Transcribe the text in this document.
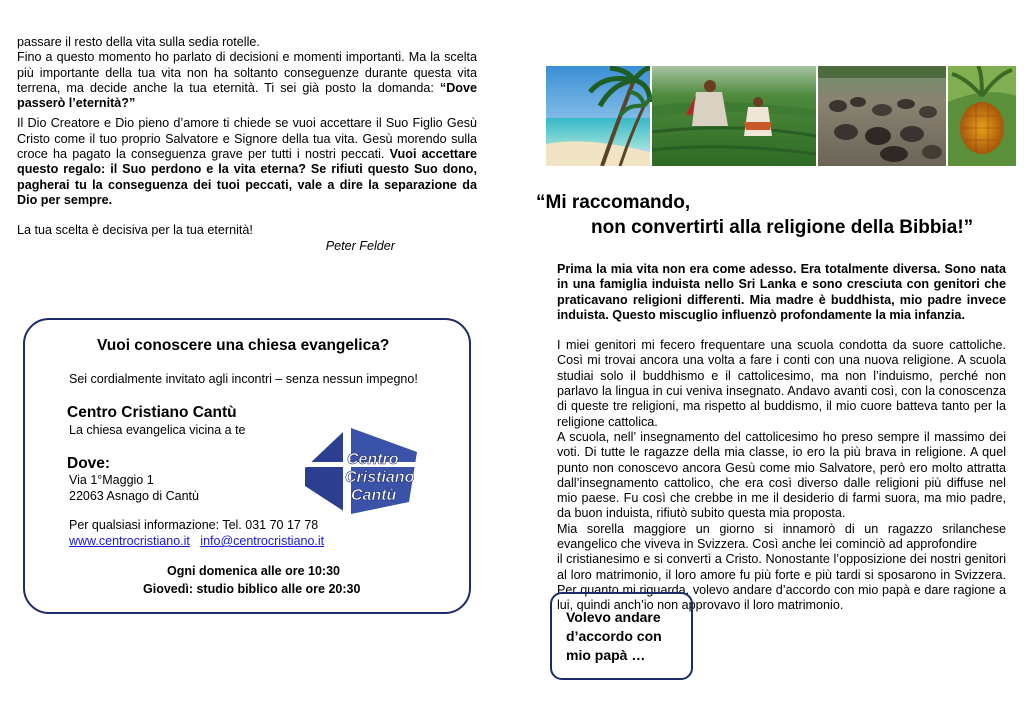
passare il resto della vita sulla sedia rotelle.

Fino a questo momento ho parlato di decisioni e momenti importanti. Ma la scelta più importante della tua vita non ha soltanto conseguenze durante questa vita terrena, ma decide anche la tua eternità. Ti sei già posto la domanda: “Dove passerò l’eternità?”

Il Dio Creatore e Dio pieno d’amore ti chiede se vuoi accettare il Suo Figlio Gesù Cristo come il tuo proprio Salvatore e Signore della tua vita. Gesù morendo sulla croce ha pagato la conseguenza grave per tutti i nostri peccati. Vuoi accettare questo regalo: il Suo perdono e la vita eterna? Se rifiuti questo Suo dono, pagherai tu la conseguenza dei tuoi peccati, vale a dire la separazione da Dio per sempre.

La tua scelta è decisiva per la tua eternità!

Peter Felder

Vuoi conoscere una chiesa evangelica?
Sei cordialmente invitato agli incontri – senza nessun impegno!
Centro Cristiano Cantù
La chiesa evangelica vicina a te
Dove:
Via 1°Maggio 1
22063 Asnago di Cantù
Per qualsiasi informazione: Tel. 031 70 17 78
www.centrocristiano.it info@centrocristiano.it
Ogni domenica alle ore 10:30
Giovedì: studio biblico alle ore 20:30
Centro
Cristiano
Cantù
“Mi raccomando,
non convertirti alla religione della Bibbia!”

Prima la mia vita non era come adesso. Era totalmente diversa. Sono nata in una famiglia induista nello Sri Lanka e sono cresciuta con genitori che praticavano religioni differenti. Mia madre è buddhista, mio padre invece induista. Questo miscuglio influenzò profondamente la mia infanzia.

I miei genitori mi fecero frequentare una scuola condotta da suore cattoliche. Così mi trovai ancora una volta a fare i conti con una nuova religione. A scuola studiai solo il buddhismo e il cattolicesimo, ma non l’induismo, perché non parlavo la lingua in cui veniva insegnato. Andavo avanti così, con la conoscenza di queste tre religioni, ma rispetto al buddismo, il mio cuore batteva tanto per la religione cattolica.

A scuola, nell’ insegnamento del cattolicesimo ho preso sempre il massimo dei voti. Di tutte le ragazze della mia classe, io ero la più brava in religione. A quel punto non conoscevo ancora Gesù come mio Salvatore, però ero molto attratta dall’insegnamento cattolico, che era così diverso dalle religioni più diffuse nel mio paese. Fu così che crebbe in me il desiderio di farmi suora, ma mio padre, da buon induista, rifiutò subito questa mia proposta.

Mia sorella maggiore un giorno si innamorò di un ragazzo srilanchese evangelico che viveva in Svizzera. Così anche lei cominciò ad approfondire

il cristianesimo e si convertì a Cristo. Nonostante l’opposizione dei nostri genitori al loro matrimonio, il loro amore fu più forte e più tardi si sposarono in Svizzera. Per quanto mi riguarda, volevo andare d’accordo con mio papà e dare ragione a lui, quindi anch’io non approvavo il loro matrimonio.

Volevo andare d’accordo con mio papà …
